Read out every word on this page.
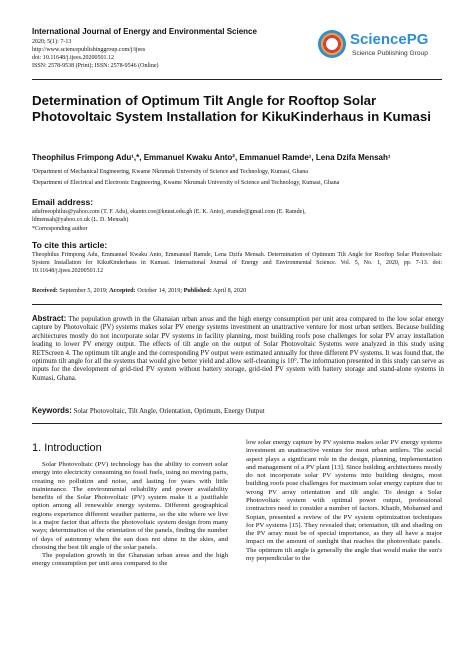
International Journal of Energy and Environmental Science
2020; 5(1): 7-13
http://www.sciencepublishinggroup.com/j/ijees
doi: 10.11648/j.ijees.20200501.12
ISSN: 2578-9538 (Print); ISSN: 2578-9546 (Online)
SciencePG
Science Publishing Group
Determination of Optimum Tilt Angle for Rooftop Solar Photovoltaic System Installation for KikuKinderhaus in Kumasi
Theophilus Frimpong Adu¹,*, Emmanuel Kwaku Anto², Emmanuel Ramde¹, Lena Dzifa Mensah¹
¹Department of Mechanical Engineering, Kwame Nkrumah University of Science and Technology, Kumasi, Ghana
²Department of Electrical and Electronic Engineering, Kwame Nkrumah University of Science and Technology, Kumasi, Ghana
Email address:
adufreeophilus@yahoo.com (T. F. Adu), ekanto.coe@knust.edu.gh (E. K. Anto), eramde@gmail.com (E. Ramde),
ldmensah@yahoo.co.uk (L. D. Mensah)
*Corresponding author
To cite this article:
Theophilus Frimpong Adu, Emmanuel Kwaku Anto, Emmanuel Ramde, Lena Dzifa Mensah. Determination of Optimum Tilt Angle for Rooftop Solar Photovoltaic System Installation for KikuKinderhaus in Kumasi. International Journal of Energy and Environmental Science. Vol. 5, No. 1, 2020, pp. 7-13. doi: 10.11648/j.ijees.20200501.12
Received: September 5, 2019; Accepted: October 14, 2019; Published: April 8, 2020
Abstract: The population growth in the Ghanaian urban areas and the high energy consumption per unit area compared to the low solar energy capture by Photovoltaic (PV) systems makes solar PV energy systems investment an unattractive venture for most urban settlers. Because building architectures mostly do not incorporate solar PV systems in facility planning, most building roofs pose challenges for solar PV array installation leading to lower PV energy output. The effects of tilt angle on the output of Solar Photovoltaic Systems were analyzed in this study using RETScreen 4. The optimum tilt angle and the corresponding PV output were estimated annually for three different PV systems. It was found that, the optimum tilt angle for all the systems that would give better yield and allow self-cleaning is 10°. The information presented in this study can serve as inputs for the development of grid-tied PV system without battery storage, grid-tied PV system with battery storage and stand-alone systems in Kumasi, Ghana.
Keywords: Solar Photovoltaic, Tilt Angle, Orientation, Optimum, Energy Output
1. Introduction

Solar Photovoltaic (PV) technology has the ability to convert solar energy into electricity consuming no fossil fuels, using no moving parts, creating no pollution and noise, and lasting for years with little maintenance. The environmental reliability and power availability benefits of the Solar Photovoltaic (PV) system make it a justifiable option among all renewable energy systems. Different geographical regions experience different weather patterns, so the site where we live is a major factor that affects the photovoltaic system design from many ways; determination of the orientation of the panels, finding the number of days of autonomy when the sun does not shine in the skies, and choosing the best tilt angle of the solar panels.

The population growth in the Ghanaian urban areas and the high energy consumption per unit area compared to the

low solar energy capture by PV systems makes solar PV energy systems investment an unattractive venture for most urban settlers. The social aspect plays a significant role in the design, planning, implementation and management of a PV plant [13]. Since building architectures mostly do not incorporate solar PV systems into building designs, most building roofs pose challenges for maximum solar energy capture due to wrong PV array orientation and tilt angle. To design a Solar Photovoltaic system with optimal power output, professional contractors need to consider a number of factors. Khatib, Mohamed and Sopian, presented a review of the PV system optimization techniques for PV systems [15]. They revealed that; orientation, tilt and shading on the PV array must be of special importance, as they all have a major impact on the amount of sunlight that reaches the photovoltaic panels. The optimum tilt angle is generally the angle that would make the sun's my perpendicular to the
